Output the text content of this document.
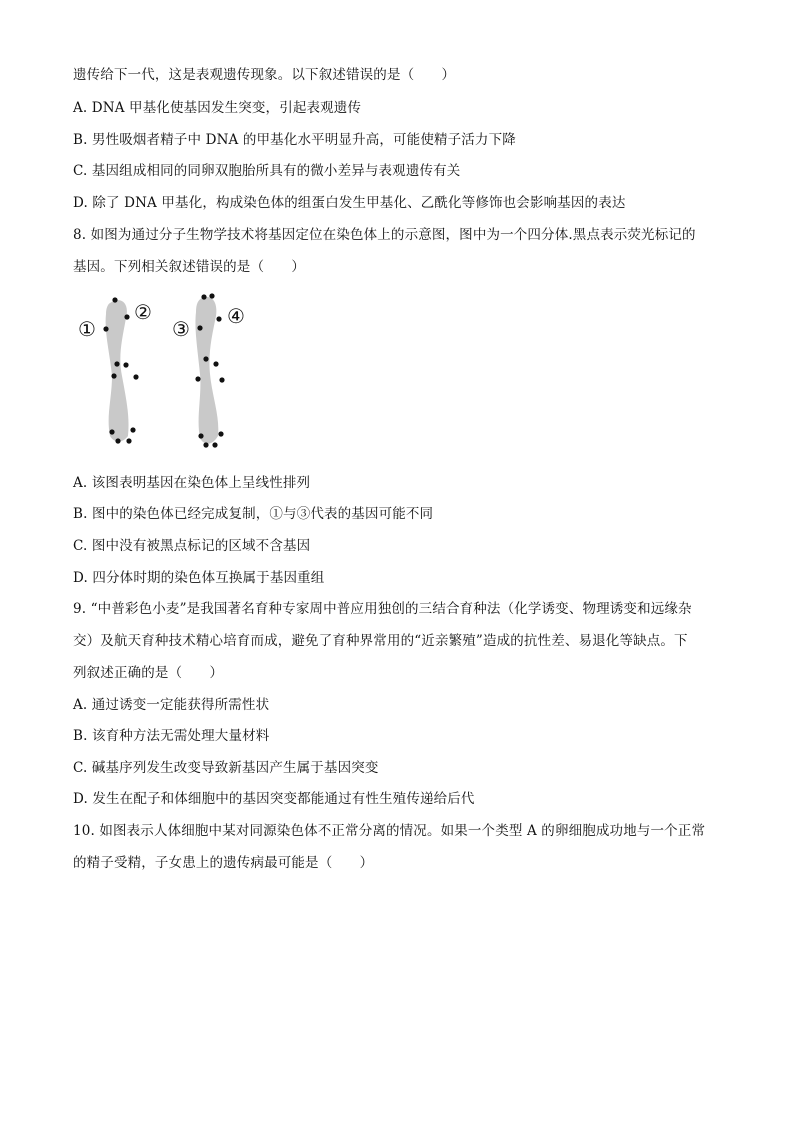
遗传给下一代，这是表观遗传现象。以下叙述错误的是（　　）
A. DNA 甲基化使基因发生突变，引起表观遗传
B. 男性吸烟者精子中 DNA 的甲基化水平明显升高，可能使精子活力下降
C. 基因组成相同的同卵双胞胎所具有的微小差异与表观遗传有关
D. 除了 DNA 甲基化，构成染色体的组蛋白发生甲基化、乙酰化等修饰也会影响基因的表达
8. 如图为通过分子生物学技术将基因定位在染色体上的示意图，图中为一个四分体.黑点表示荧光标记的
基因。下列相关叙述错误的是（　　）
①
②
③
④
A. 该图表明基因在染色体上呈线性排列
B. 图中的染色体已经完成复制，①与③代表的基因可能不同
C. 图中没有被黑点标记的区域不含基因
D. 四分体时期的染色体互换属于基因重组
9. “中普彩色小麦”是我国著名育种专家周中普应用独创的三结合育种法（化学诱变、物理诱变和远缘杂
交）及航天育种技术精心培育而成，避免了育种界常用的“近亲繁殖”造成的抗性差、易退化等缺点。下
列叙述正确的是（　　）
A. 通过诱变一定能获得所需性状
B. 该育种方法无需处理大量材料
C. 碱基序列发生改变导致新基因产生属于基因突变
D. 发生在配子和体细胞中的基因突变都能通过有性生殖传递给后代
10. 如图表示人体细胞中某对同源染色体不正常分离的情况。如果一个类型 A 的卵细胞成功地与一个正常
的精子受精，子女患上的遗传病最可能是（　　）
